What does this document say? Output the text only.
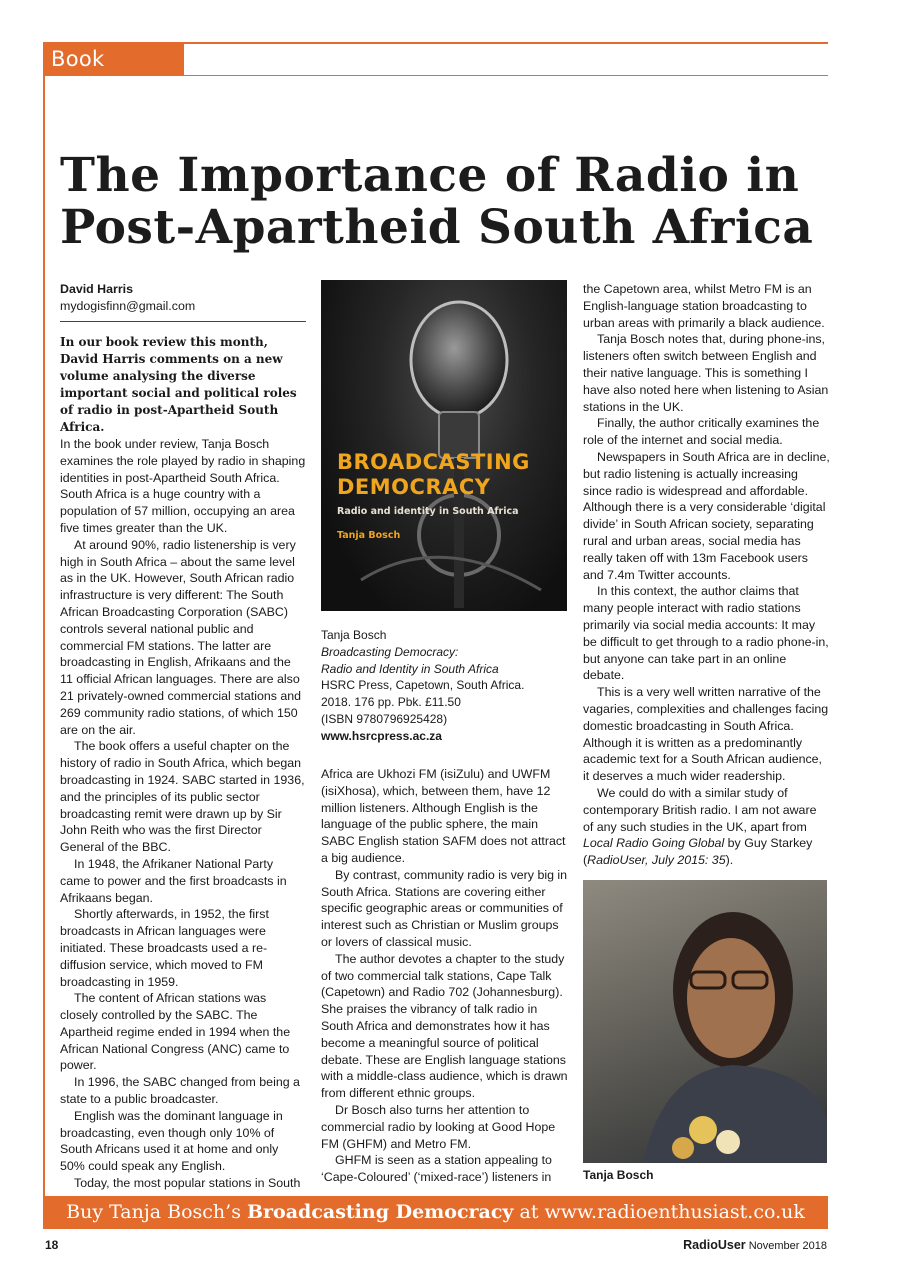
Book Review
The Importance of Radio in
Post-Apartheid South Africa
David Harris
mydogisfinn@gmail.com

In our book review this month, David Harris comments on a new volume analysing the diverse important social and political roles of radio in post-Apartheid South Africa.

In the book under review, Tanja Bosch examines the role played by radio in shaping identities in post-Apartheid South Africa. South Africa is a huge country with a population of 57 million, occupying an area five times greater than the UK.

At around 90%, radio listenership is very high in South Africa – about the same level as in the UK. However, South African radio infrastructure is very different: The South African Broadcasting Corporation (SABC) controls several national public and commercial FM stations. The latter are broadcasting in English, Afrikaans and the 11 official African languages. There are also 21 privately-owned commercial stations and 269 community radio stations, of which 150 are on the air.

The book offers a useful chapter on the history of radio in South Africa, which began broadcasting in 1924. SABC started in 1936, and the principles of its public sector broadcasting remit were drawn up by Sir John Reith who was the first Director General of the BBC.

In 1948, the Afrikaner National Party came to power and the first broadcasts in Afrikaans began.

Shortly afterwards, in 1952, the first broadcasts in African languages were initiated. These broadcasts used a re-diffusion service, which moved to FM broadcasting in 1959.

The content of African stations was closely controlled by the SABC. The Apartheid regime ended in 1994 when the African National Congress (ANC) came to power.

In 1996, the SABC changed from being a state to a public broadcaster.

English was the dominant language in broadcasting, even though only 10% of South Africans used it at home and only 50% could speak any English.

Today, the most popular stations in South

BROADCASTING
DEMOCRACY
Radio and identity in South Africa
Tanja Bosch
Tanja Bosch
Broadcasting Democracy:
Radio and Identity in South Africa
HSRC Press, Capetown, South Africa.
2018. 176 pp. Pbk. £11.50
(ISBN 9780796925428)
www.hsrcpress.ac.za

Africa are Ukhozi FM (isiZulu) and UWFM (isiXhosa), which, between them, have 12 million listeners. Although English is the language of the public sphere, the main SABC English station SAFM does not attract a big audience.

By contrast, community radio is very big in South Africa. Stations are covering either specific geographic areas or communities of interest such as Christian or Muslim groups or lovers of classical music.

The author devotes a chapter to the study of two commercial talk stations, Cape Talk (Capetown) and Radio 702 (Johannesburg). She praises the vibrancy of talk radio in South Africa and demonstrates how it has become a meaningful source of political debate. These are English language stations with a middle-class audience, which is drawn from different ethnic groups.

Dr Bosch also turns her attention to commercial radio by looking at Good Hope FM (GHFM) and Metro FM.

GHFM is seen as a station appealing to ‘Cape-Coloured’ (‘mixed-race’) listeners in

the Capetown area, whilst Metro FM is an English-language station broadcasting to urban areas with primarily a black audience.

Tanja Bosch notes that, during phone-ins, listeners often switch between English and their native language. This is something I have also noted here when listening to Asian stations in the UK.

Finally, the author critically examines the role of the internet and social media.

Newspapers in South Africa are in decline, but radio listening is actually increasing since radio is widespread and affordable. Although there is a very considerable ‘digital divide’ in South African society, separating rural and urban areas, social media has really taken off with 13m Facebook users and 7.4m Twitter accounts.

In this context, the author claims that many people interact with radio stations primarily via social media accounts: It may be difficult to get through to a radio phone-in, but anyone can take part in an online debate.

This is a very well written narrative of the vagaries, complexities and challenges facing domestic broadcasting in South Africa. Although it is written as a predominantly academic text for a South African audience, it deserves a much wider readership.

We could do with a similar study of contemporary British radio. I am not aware of any such studies in the UK, apart from Local Radio Going Global by Guy Starkey (RadioUser, July 2015: 35).

Tanja Bosch
Buy Tanja Bosch’s Broadcasting Democracy at www.radioenthusiast.co.uk
18	RadioUser November 2018
